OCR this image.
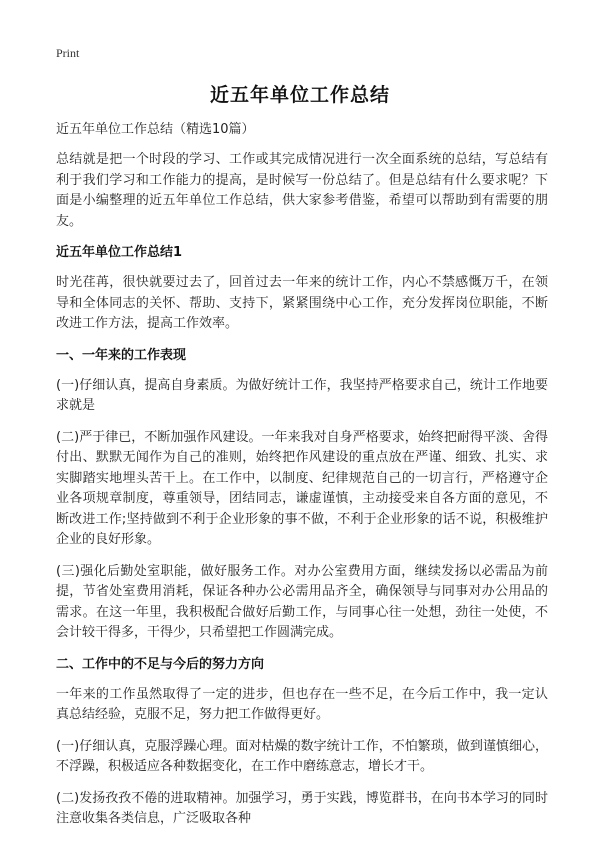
Print
近五年单位工作总结
近五年单位工作总结（精选10篇）

总结就是把一个时段的学习、工作或其完成情况进行一次全面系统的总结，写总结有利于我们学习和工作能力的提高，是时候写一份总结了。但是总结有什么要求呢？下面是小编整理的近五年单位工作总结，供大家参考借鉴，希望可以帮助到有需要的朋友。

近五年单位工作总结1

时光荏苒，很快就要过去了，回首过去一年来的统计工作，内心不禁感慨万千，在领导和全体同志的关怀、帮助、支持下，紧紧围绕中心工作，充分发挥岗位职能，不断改进工作方法，提高工作效率。

一、一年来的工作表现

(一)仔细认真，提高自身素质。为做好统计工作，我坚持严格要求自己，统计工作地要求就是

(二)严于律已，不断加强作风建设。一年来我对自身严格要求，始终把耐得平淡、舍得付出、默默无闻作为自己的准则，始终把作风建设的重点放在严谨、细致、扎实、求实脚踏实地埋头苦干上。在工作中，以制度、纪律规范自己的一切言行，严格遵守企业各项规章制度，尊重领导，团结同志，谦虚谨慎，主动接受来自各方面的意见，不断改进工作;坚持做到不利于企业形象的事不做，不利于企业形象的话不说，积极维护企业的良好形象。

(三)强化后勤处室职能，做好服务工作。对办公室费用方面，继续发扬以必需品为前提，节省处室费用消耗，保证各种办公必需用品齐全，确保领导与同事对办公用品的需求。在这一年里，我积极配合做好后勤工作，与同事心往一处想，劲往一处使，不会计较干得多，干得少，只希望把工作圆满完成。

二、工作中的不足与今后的努力方向

一年来的工作虽然取得了一定的进步，但也存在一些不足，在今后工作中，我一定认真总结经验，克服不足，努力把工作做得更好。

(一)仔细认真，克服浮躁心理。面对枯燥的数字统计工作，不怕繁琐，做到谨慎细心，不浮躁，积极适应各种数据变化，在工作中磨练意志，增长才干。

(二)发扬孜孜不倦的进取精神。加强学习，勇于实践，博览群书，在向书本学习的同时注意收集各类信息，广泛吸取各种
